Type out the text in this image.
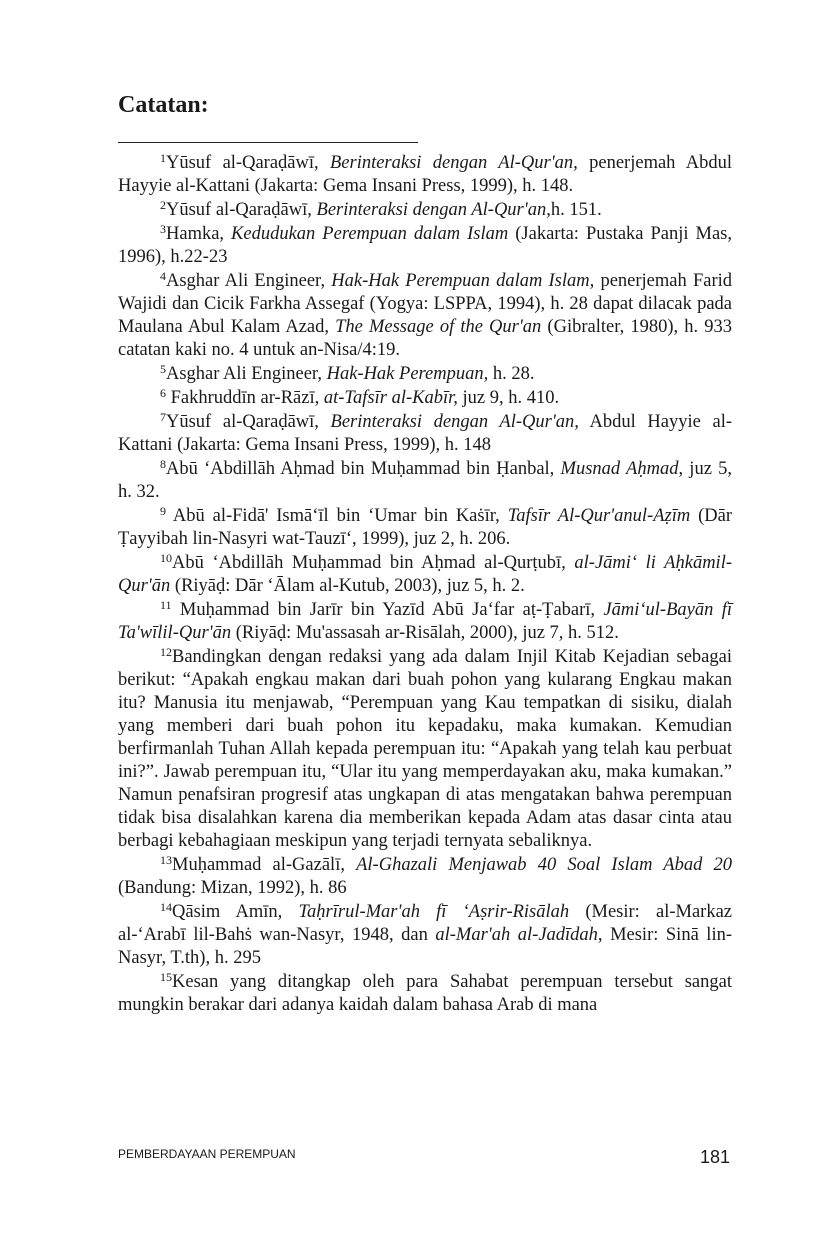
Catatan:

$^1$Yūsuf al-Qaraḍāwī, Berinteraksi dengan Al-Qur'an, penerjemah Abdul Hayyie al-Kattani (Jakarta: Gema Insani Press, 1999), h. 148.

$^2$Yūsuf al-Qaraḍāwī, Berinteraksi dengan Al-Qur'an,h. 151.

$^3$Hamka, Kedudukan Perempuan dalam Islam (Jakarta: Pustaka Panji Mas, 1996), h.22-23

$^4$Asghar Ali Engineer, Hak-Hak Perempuan dalam Islam, penerjemah Farid Wajidi dan Cicik Farkha Assegaf (Yogya: LSPPA, 1994), h. 28 dapat dilacak pada Maulana Abul Kalam Azad, The Message of the Qur'an (Gibralter, 1980), h. 933 catatan kaki no. 4 untuk an-Nisa/4:19.

$^5$Asghar Ali Engineer, Hak-Hak Perempuan, h. 28.

$^6$ Fakhruddīn ar-Rāzī, at-Tafsīr al-Kabīr, juz 9, h. 410.

$^7$Yūsuf al-Qaraḍāwī, Berinteraksi dengan Al-Qur'an, Abdul Hayyie al-Kattani (Jakarta: Gema Insani Press, 1999), h. 148

$^8$Abū ‘Abdillāh Aḥmad bin Muḥammad bin Ḥanbal, Musnad Aḥmad, juz 5, h. 32.

$^9$ Abū al-Fidā' Ismā‘īl bin ‘Umar bin Kaṡīr, Tafsīr Al-Qur'anul-Aẓīm (Dār Ṭayyibah lin-Nasyri wat-Tauzī‘, 1999), juz 2, h. 206.

$^{10}$Abū ‘Abdillāh Muḥammad bin Aḥmad al-Qurṭubī, al-Jāmi‘ li Aḥkāmil-Qur'ān (Riyāḍ: Dār ‘Ālam al-Kutub, 2003), juz 5, h. 2.

$^{11}$ Muḥammad bin Jarīr bin Yazīd Abū Ja‘far aṭ-Ṭabarī, Jāmi‘ul-Bayān fī Ta'wīlil-Qur'ān (Riyāḍ: Mu'assasah ar-Risālah, 2000), juz 7, h. 512.

$^{12}$Bandingkan dengan redaksi yang ada dalam Injil Kitab Kejadian sebagai berikut: “Apakah engkau makan dari buah pohon yang kularang Engkau makan itu? Manusia itu menjawab, “Perempuan yang Kau tempatkan di sisiku, dialah yang memberi dari buah pohon itu kepadaku, maka kumakan. Kemudian berfirmanlah Tuhan Allah kepada perempuan itu: “Apakah yang telah kau perbuat ini?”. Jawab perempuan itu, “Ular itu yang memperdayakan aku, maka kumakan.” Namun penafsiran progresif atas ungkapan di atas mengatakan bahwa perempuan tidak bisa disalahkan karena dia memberikan kepada Adam atas dasar cinta atau berbagi kebahagiaan meskipun yang terjadi ternyata sebaliknya.

$^{13}$Muḥammad al-Gazālī, Al-Ghazali Menjawab 40 Soal Islam Abad 20 (Bandung: Mizan, 1992), h. 86

$^{14}$Qāsim Amīn, Taḥrīrul-Mar'ah fī ‘Aṣrir-Risālah (Mesir: al-Markaz al-‘Arabī lil-Bahṡ wan-Nasyr, 1948, dan al-Mar'ah al-Jadīdah, Mesir: Sinā lin-Nasyr, T.th), h. 295

$^{15}$Kesan yang ditangkap oleh para Sahabat perempuan tersebut sangat mungkin berakar dari adanya kaidah dalam bahasa Arab di mana

PEMBERDAYAAN PEREMPUAN	181
